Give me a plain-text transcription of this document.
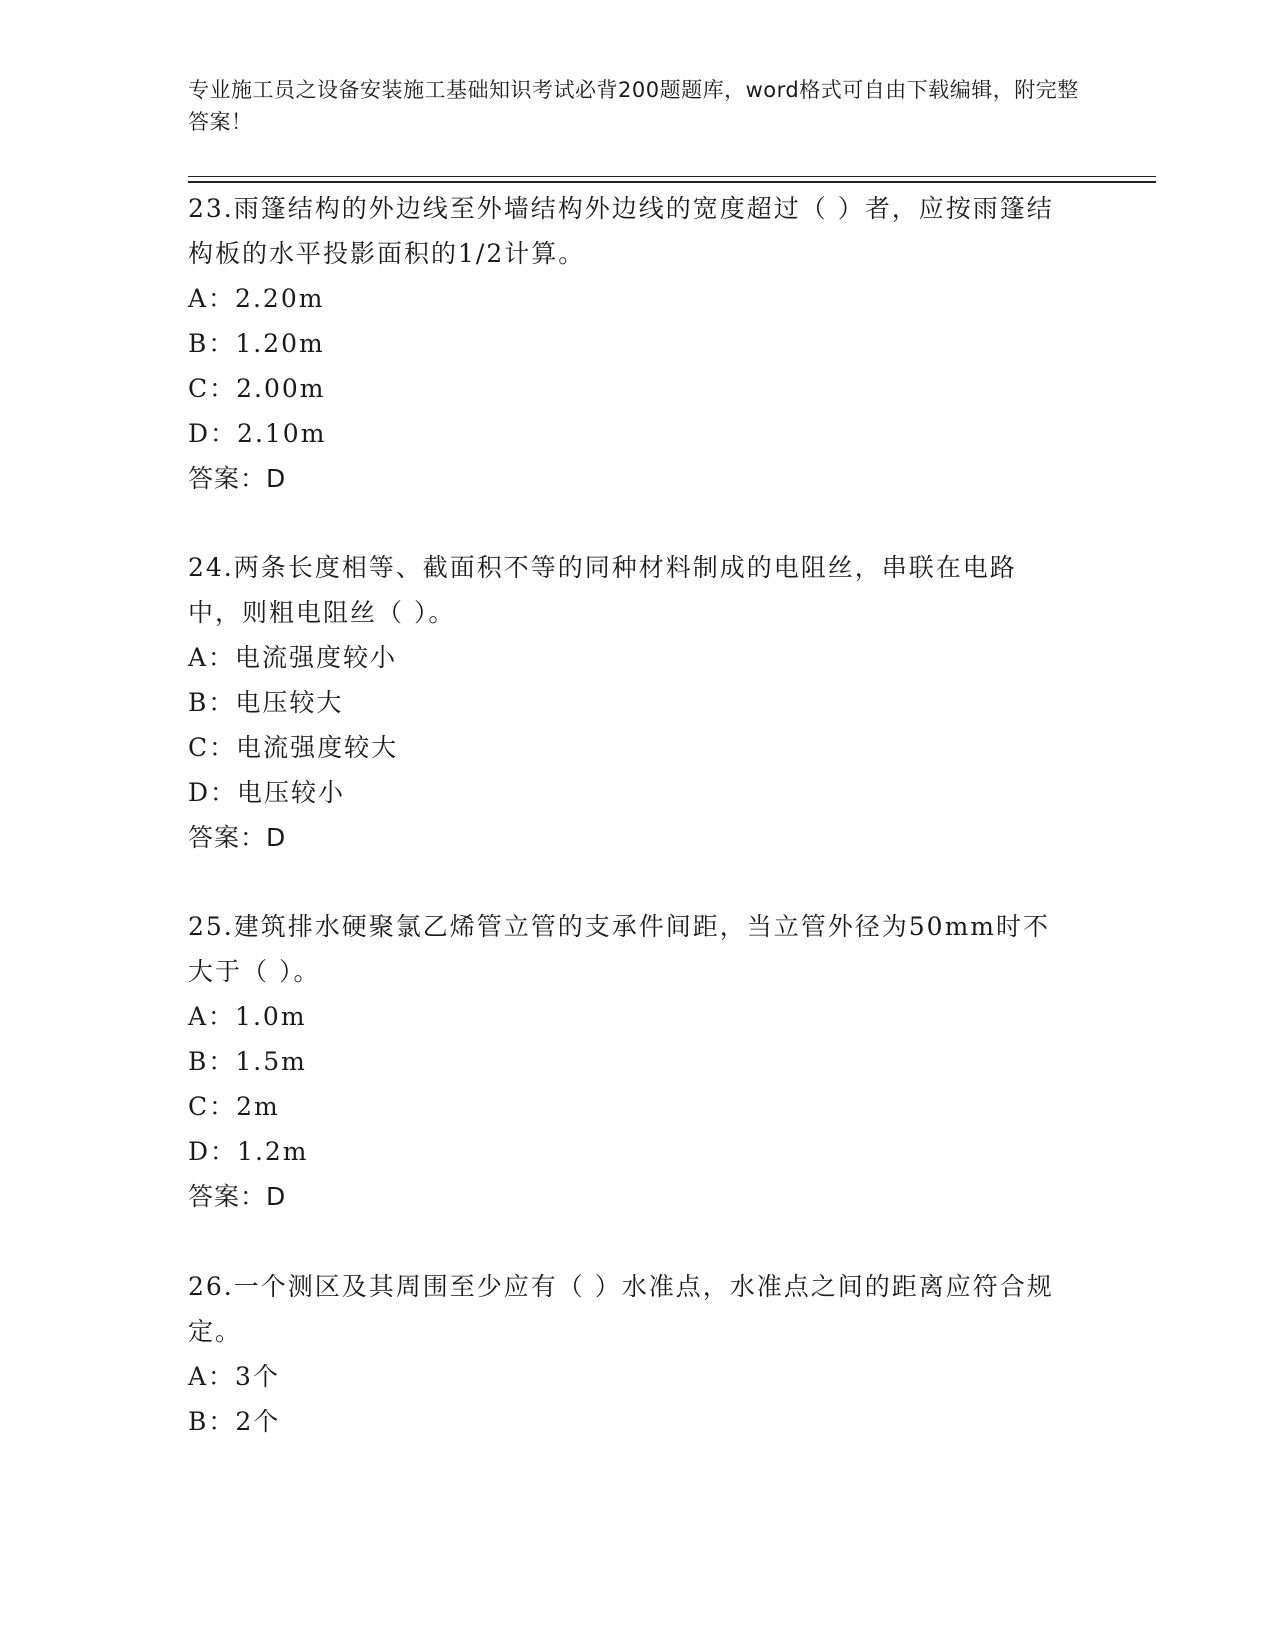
专业施工员之设备安装施工基础知识考试必背200题题库，word格式可自由下载编辑，附完整答案！

23.雨篷结构的外边线至外墙结构外边线的宽度超过（ ）者，应按雨篷结构板的水平投影面积的1/2计算。

A：2.20m

B：1.20m

C：2.00m

D：2.10m

答案：D

24.两条长度相等、截面积不等的同种材料制成的电阻丝，串联在电路中，则粗电阻丝（ ）。

A：电流强度较小

B：电压较大

C：电流强度较大

D：电压较小

答案：D

25.建筑排水硬聚氯乙烯管立管的支承件间距，当立管外径为50mm时不大于（ ）。

A：1.0m

B：1.5m

C：2m

D：1.2m

答案：D

26.一个测区及其周围至少应有（ ）水准点，水准点之间的距离应符合规定。

A：3个

B：2个
